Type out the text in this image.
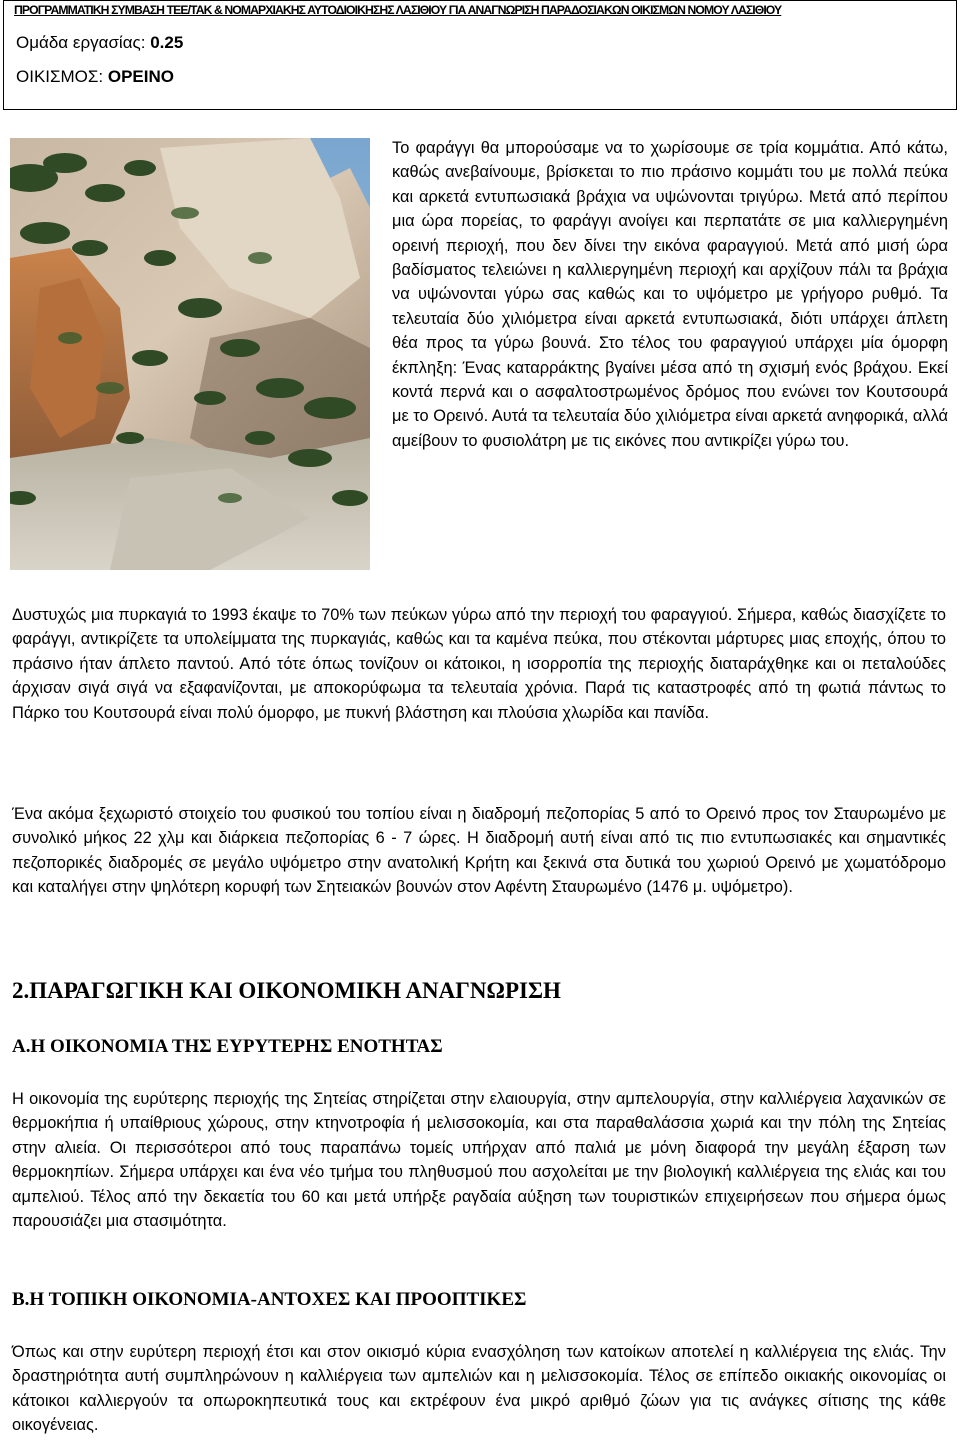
ΠΡΟΓΡΑΜΜΑΤΙΚΗ ΣΥΜΒΑΣΗ ΤΕΕ/ΤΑΚ & ΝΟΜΑΡΧΙΑΚΗΣ ΑΥΤΟΔΙΟΙΚΗΣΗΣ ΛΑΣΙΘΙΟΥ ΓΙΑ ΑΝΑΓΝΩΡΙΣΗ ΠΑΡΑΔΟΣΙΑΚΩΝ ΟΙΚΙΣΜΩΝ ΝΟΜΟΥ ΛΑΣΙΘΙΟΥ
Ομάδα εργασίας: 0.25
ΟΙΚΙΣΜΟΣ: ΟΡΕΙΝΟ

Το φαράγγι θα μπορούσαμε να το χωρίσουμε σε τρία κομμάτια. Από κάτω, καθώς ανεβαίνουμε, βρίσκεται το πιο πράσινο κομμάτι του με πολλά πεύκα και αρκετά εντυπωσιακά βράχια να υψώνονται τριγύρω. Μετά από περίπου μια ώρα πορείας, το φαράγγι ανοίγει και περπατάτε σε μια καλλιεργημένη ορεινή περιοχή, που δεν δίνει την εικόνα φαραγγιού. Μετά από μισή ώρα βαδίσματος τελειώνει η καλλιεργημένη περιοχή και αρχίζουν πάλι τα βράχια να υψώνονται γύρω σας καθώς και το υψόμετρο με γρήγορο ρυθμό. Τα τελευταία δύο χιλιόμετρα είναι αρκετά εντυπωσιακά, διότι υπάρχει άπλετη θέα προς τα γύρω βουνά. Στο τέλος του φαραγγιού υπάρχει μία όμορφη έκπληξη: Ένας καταρράκτης βγαίνει μέσα από τη σχισμή ενός βράχου. Εκεί κοντά περνά και ο ασφαλτοστρωμένος δρόμος που ενώνει τον Κουτσουρά με το Ορεινό. Αυτά τα τελευταία δύο χιλιόμετρα είναι αρκετά ανηφορικά, αλλά αμείβουν το φυσιολάτρη με τις εικόνες που αντικρίζει γύρω του.

Δυστυχώς μια πυρκαγιά το 1993 έκαψε το 70% των πεύκων γύρω από την περιοχή του φαραγγιού. Σήμερα, καθώς διασχίζετε το φαράγγι, αντικρίζετε τα υπολείμματα της πυρκαγιάς, καθώς και τα καμένα πεύκα, που στέκονται μάρτυρες μιας εποχής, όπου το πράσινο ήταν άπλετο παντού. Από τότε όπως τονίζουν οι κάτοικοι, η ισορροπία της περιοχής διαταράχθηκε και οι πεταλούδες άρχισαν σιγά σιγά να εξαφανίζονται, με αποκορύφωμα τα τελευταία χρόνια. Παρά τις καταστροφές από τη φωτιά πάντως το Πάρκο του Κουτσουρά είναι πολύ όμορφο, με πυκνή βλάστηση και πλούσια χλωρίδα και πανίδα.

Ένα ακόμα ξεχωριστό στοιχείο του φυσικού του τοπίου είναι η διαδρομή πεζοπορίας 5 από το Ορεινό προς τον Σταυρωμένο με συνολικό μήκος 22 χλμ και διάρκεια πεζοπορίας 6 - 7 ώρες. Η διαδρομή αυτή είναι από τις πιο εντυπωσιακές και σημαντικές πεζοπορικές διαδρομές σε μεγάλο υψόμετρο στην ανατολική Κρήτη και ξεκινά στα δυτικά του χωριού Ορεινό με χωματόδρομο και καταλήγει στην ψηλότερη κορυφή των Σητειακών βουνών στον Αφέντη Σταυρωμένο (1476 μ. υψόμετρο).

2.ΠΑΡΑΓΩΓΙΚΗ ΚΑΙ ΟΙΚΟΝΟΜΙΚΗ ΑΝΑΓΝΩΡΙΣΗ
Α.Η ΟΙΚΟΝΟΜΙΑ ΤΗΣ ΕΥΡΥΤΕΡΗΣ ΕΝΟΤΗΤΑΣ

Η οικονομία της ευρύτερης περιοχής της Σητείας στηρίζεται στην ελαιουργία, στην αμπελουργία, στην καλλιέργεια λαχανικών σε θερμοκήπια ή υπαίθριους χώρους, στην κτηνοτροφία ή μελισσοκομία, και στα παραθαλάσσια χωριά και την πόλη της Σητείας στην αλιεία. Οι περισσότεροι από τους παραπάνω τομείς υπήρχαν από παλιά με μόνη διαφορά την μεγάλη έξαρση των θερμοκηπίων. Σήμερα υπάρχει και ένα νέο τμήμα του πληθυσμού που ασχολείται με την βιολογική καλλιέργεια της ελιάς και του αμπελιού. Τέλος από την δεκαετία του 60 και μετά υπήρξε ραγδαία αύξηση των τουριστικών επιχειρήσεων που σήμερα όμως παρουσιάζει μια στασιμότητα.

Β.Η ΤΟΠΙΚΗ ΟΙΚΟΝΟΜΙΑ-ΑΝΤΟΧΕΣ ΚΑΙ ΠΡΟΟΠΤΙΚΕΣ

Όπως και στην ευρύτερη περιοχή έτσι και στον οικισμό κύρια ενασχόληση των κατοίκων αποτελεί η καλλιέργεια της ελιάς. Την δραστηριότητα αυτή συμπληρώνουν η καλλιέργεια των αμπελιών και η μελισσοκομία. Τέλος σε επίπεδο οικιακής οικονομίας οι κάτοικοι καλλιεργούν τα οπωροκηπευτικά τους και εκτρέφουν ένα μικρό αριθμό ζώων για τις ανάγκες σίτισης της κάθε οικογένειας.
